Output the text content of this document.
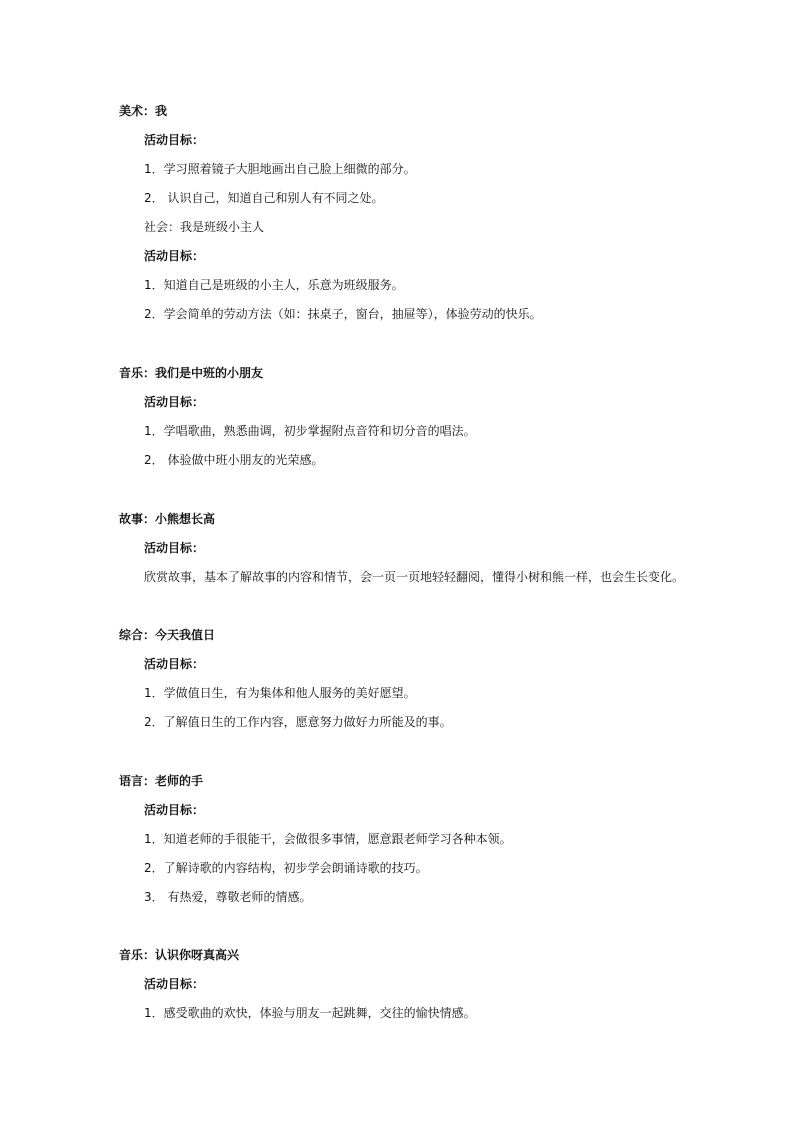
美术：我
活动目标：
1．学习照着镜子大胆地画出自己脸上细微的部分。
2． 认识自己，知道自己和别人有不同之处。
社会：我是班级小主人
活动目标：
1．知道自己是班级的小主人，乐意为班级服务。
2．学会简单的劳动方法（如：抹桌子，窗台，抽屉等），体验劳动的快乐。
音乐：我们是中班的小朋友
活动目标：
1．学唱歌曲，熟悉曲调，初步掌握附点音符和切分音的唱法。
2． 体验做中班小朋友的光荣感。
故事：小熊想长高
活动目标：
欣赏故事，基本了解故事的内容和情节，会一页一页地轻轻翻阅，懂得小树和熊一样，也会生长变化。
综合：今天我值日
活动目标：
1．学做值日生，有为集体和他人服务的美好愿望。
2．了解值日生的工作内容，愿意努力做好力所能及的事。
语言：老师的手
活动目标：
1．知道老师的手很能干，会做很多事情，愿意跟老师学习各种本领。
2．了解诗歌的内容结构，初步学会朗诵诗歌的技巧。
3． 有热爱，尊敬老师的情感。
音乐：认识你呀真高兴
活动目标：
1．感受歌曲的欢快，体验与朋友一起跳舞，交往的愉快情感。
